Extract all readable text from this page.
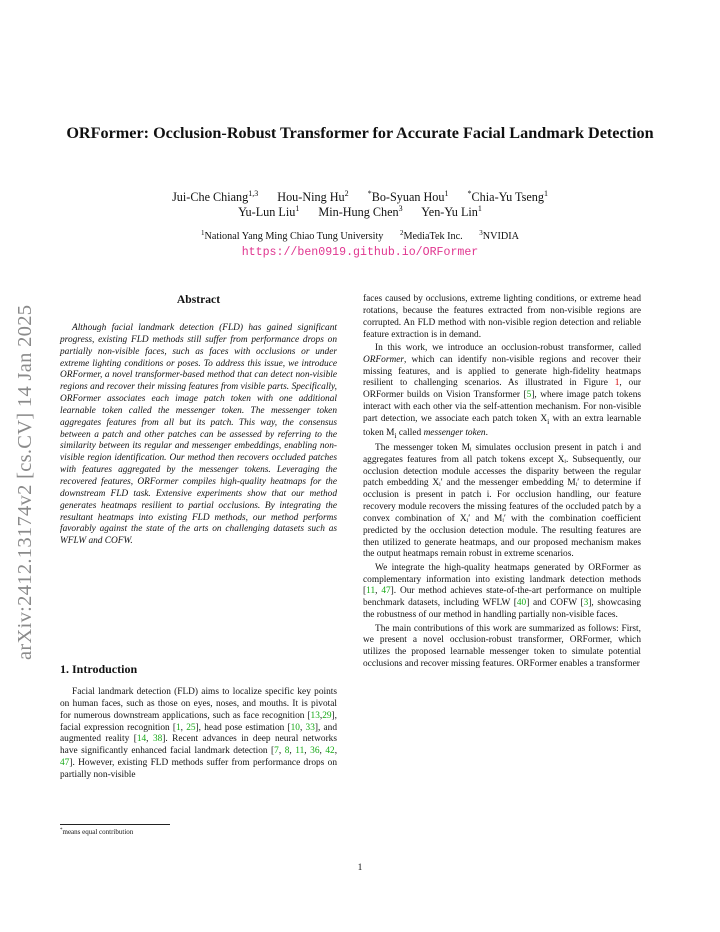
arXiv:2412.13174v2 [cs.CV] 14 Jan 2025
ORFormer: Occlusion-Robust Transformer for Accurate Facial Landmark Detection
Jui-Che Chiang$^{1,3}$ Hou-Ning Hu$^2$ *Bo-Syuan Hou$^1$ *Chia-Yu Tseng$^1$
Yu-Lun Liu$^1$ Min-Hung Chen$^3$ Yen-Yu Lin$^1$
$^1$National Yang Ming Chiao Tung University $^2$MediaTek Inc. $^3$NVIDIA
https://ben0919.github.io/ORFormer
Abstract

Although facial landmark detection (FLD) has gained significant progress, existing FLD methods still suffer from performance drops on partially non-visible faces, such as faces with occlusions or under extreme lighting conditions or poses. To address this issue, we introduce ORFormer, a novel transformer-based method that can detect non-visible regions and recover their missing features from visible parts. Specifically, ORFormer associates each image patch token with one additional learnable token called the messenger token. The messenger token aggregates features from all but its patch. This way, the consensus between a patch and other patches can be assessed by referring to the similarity between its regular and messenger embeddings, enabling non-visible region identification. Our method then recovers occluded patches with features aggregated by the messenger tokens. Leveraging the recovered features, ORFormer compiles high-quality heatmaps for the downstream FLD task. Extensive experiments show that our method generates heatmaps resilient to partial occlusions. By integrating the resultant heatmaps into existing FLD methods, our method performs favorably against the state of the arts on challenging datasets such as WFLW and COFW.

1. Introduction

Facial landmark detection (FLD) aims to localize specific key points on human faces, such as those on eyes, noses, and mouths. It is pivotal for numerous downstream applications, such as face recognition [13,29], facial expression recognition [1, 25], head pose estimation [10, 33], and augmented reality [14, 38]. Recent advances in deep neural networks have significantly enhanced facial landmark detection [7, 8, 11, 36, 42, 47]. However, existing FLD methods suffer from performance drops on partially non-visible

*means equal contribution

faces caused by occlusions, extreme lighting conditions, or extreme head rotations, because the features extracted from non-visible regions are corrupted. An FLD method with non-visible region detection and reliable feature extraction is in demand.

In this work, we introduce an occlusion-robust transformer, called ORFormer, which can identify non-visible regions and recover their missing features, and is applied to generate high-fidelity heatmaps resilient to challenging scenarios. As illustrated in Figure 1, our ORFormer builds on Vision Transformer [5], where image patch tokens interact with each other via the self-attention mechanism. For non-visible part detection, we associate each patch token $X_i$ with an extra learnable token $M_i$ called messenger token.

The messenger token Mᵢ simulates occlusion present in patch i and aggregates features from all patch tokens except Xᵢ. Subsequently, our occlusion detection module accesses the disparity between the regular patch embedding Xᵢ′ and the messenger embedding Mᵢ′ to determine if occlusion is present in patch i. For occlusion handling, our feature recovery module recovers the missing features of the occluded patch by a convex combination of Xᵢ′ and Mᵢ′ with the combination coefficient predicted by the occlusion detection module. The resulting features are then utilized to generate heatmaps, and our proposed mechanism makes the output heatmaps remain robust in extreme scenarios.

We integrate the high-quality heatmaps generated by ORFormer as complementary information into existing landmark detection methods [11, 47]. Our method achieves state-of-the-art performance on multiple benchmark datasets, including WFLW [40] and COFW [3], showcasing the robustness of our method in handling partially non-visible faces.

The main contributions of this work are summarized as follows: First, we present a novel occlusion-robust transformer, ORFormer, which utilizes the proposed learnable messenger token to simulate potential occlusions and recover missing features. ORFormer enables a transformer

1
